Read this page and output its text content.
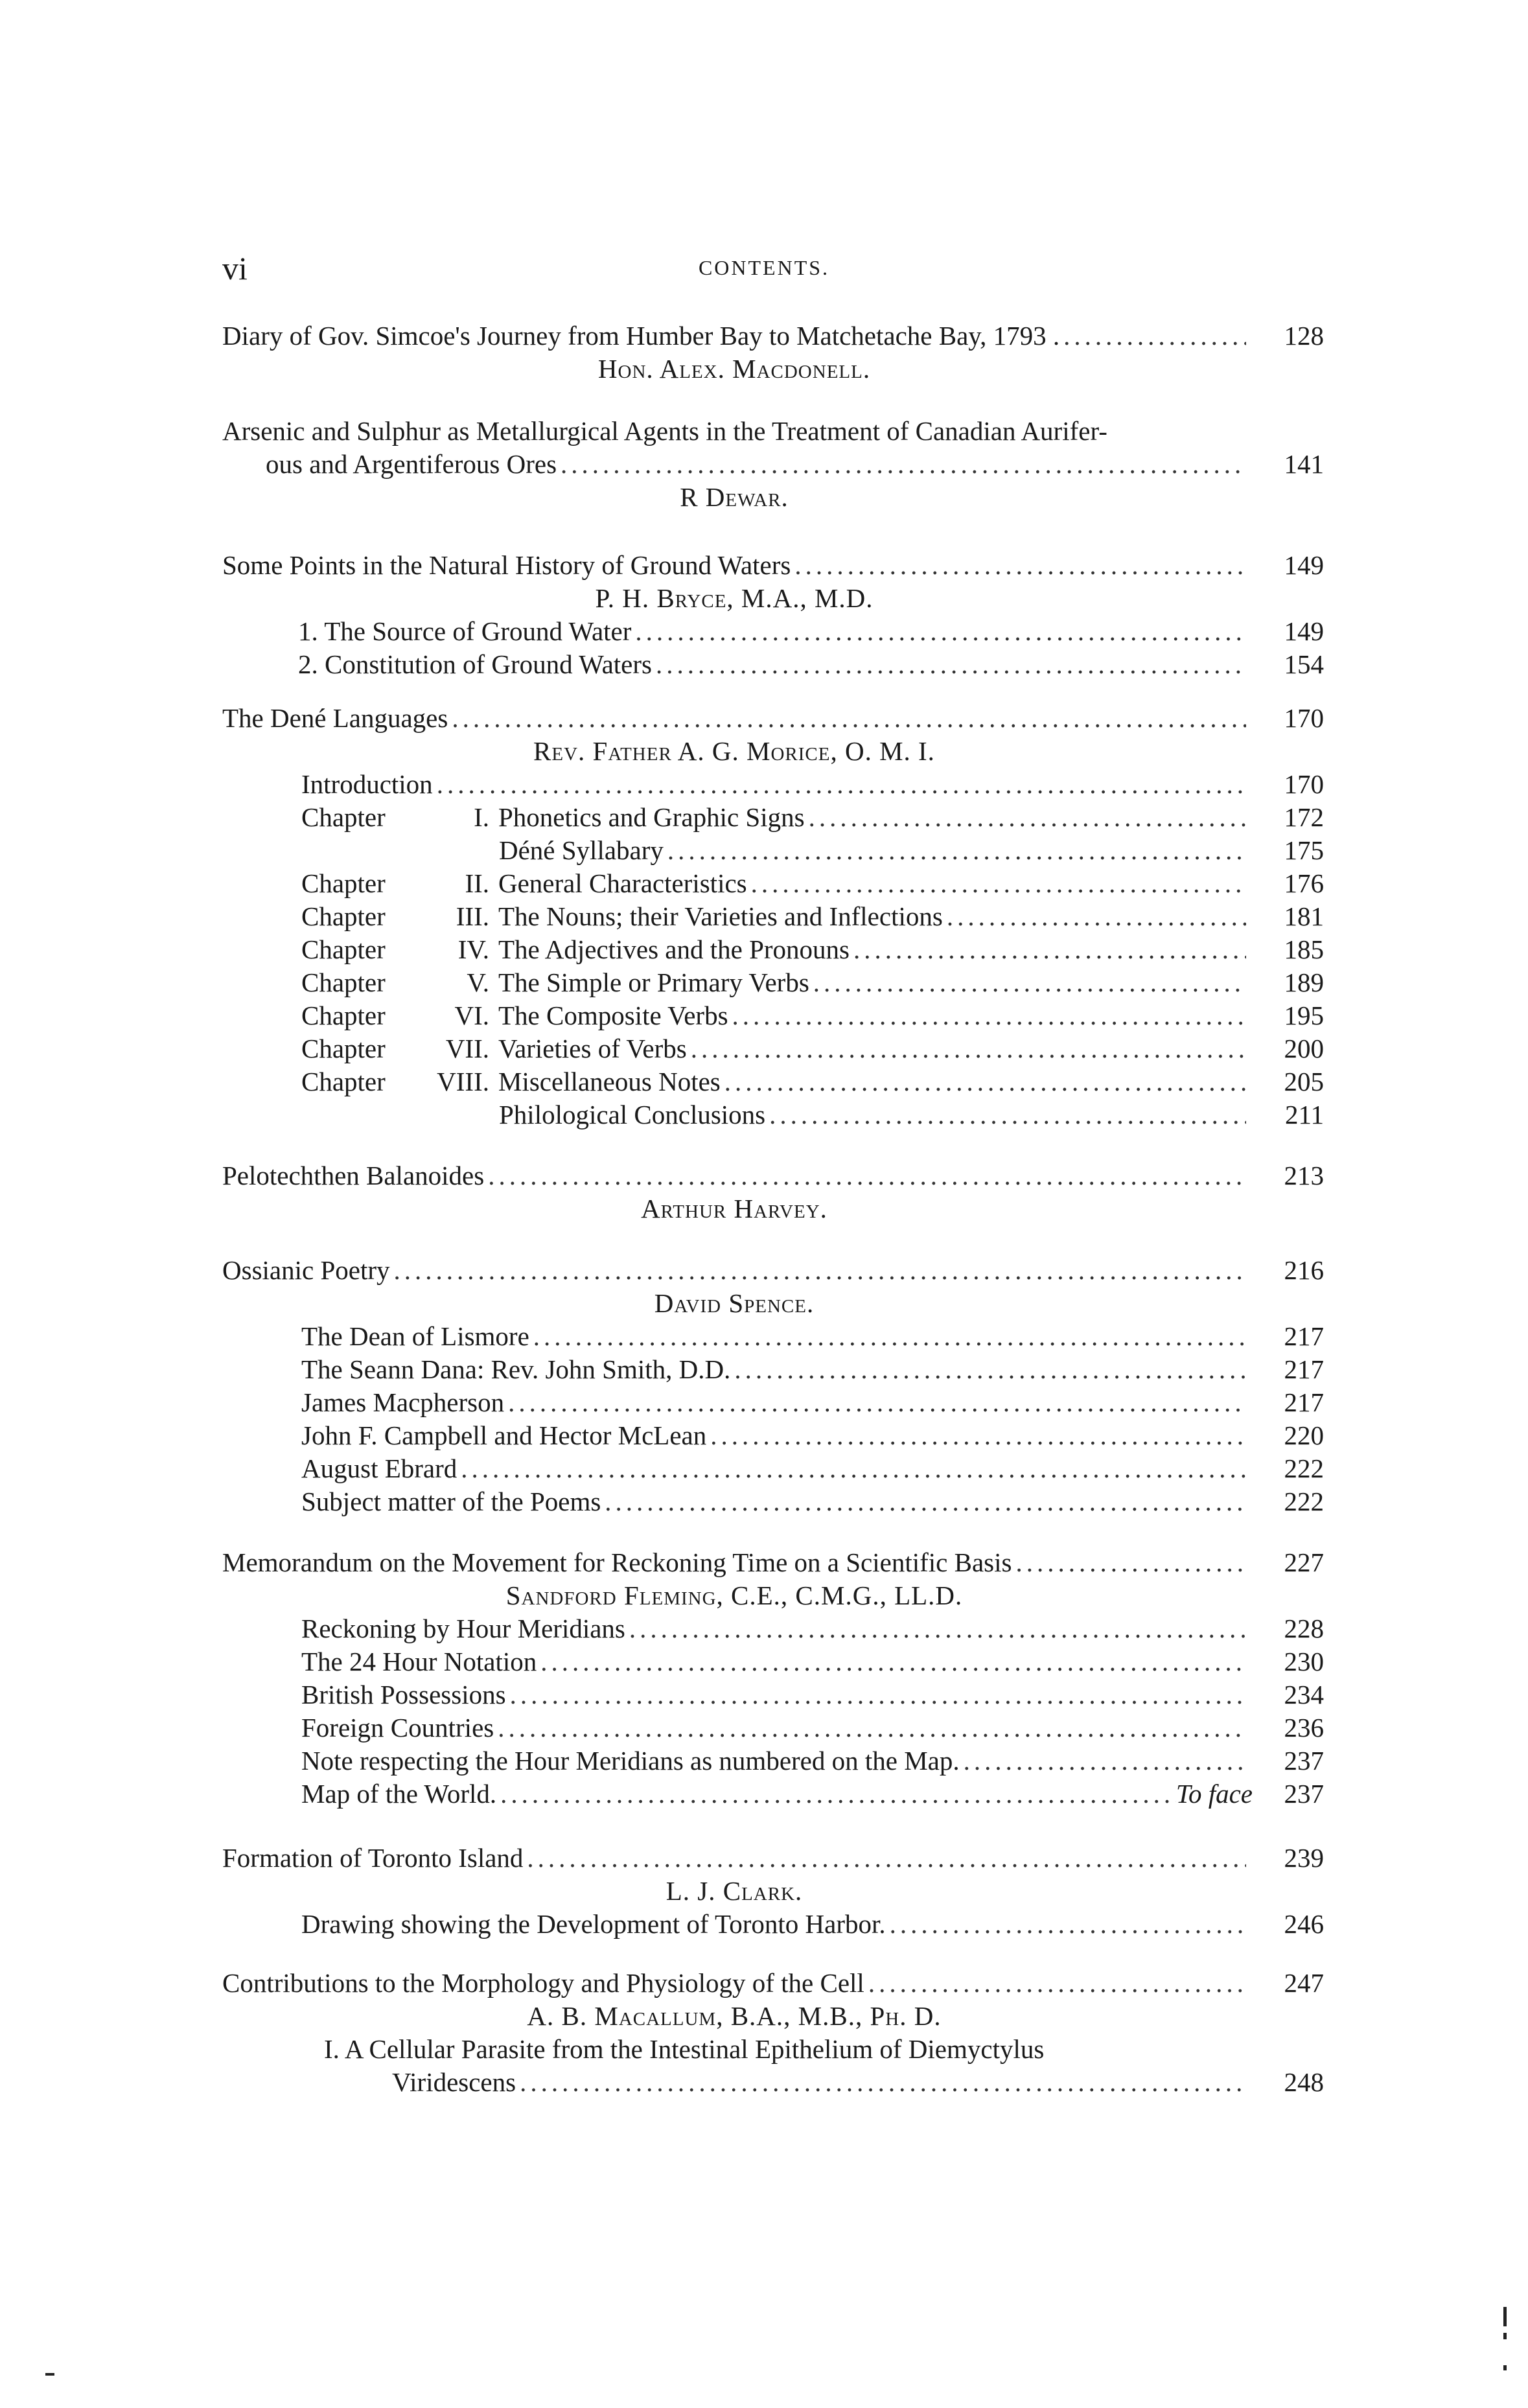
vi	CONTENTS.
Diary of Gov. Simcoe's Journey from Humber Bay to Matchetache Bay, 1793 . .....	128
Hon. Alex. Macdonell.
Arsenic and Sulphur as Metallurgical Agents in the Treatment of Canadian Aurifer-
ous and Argentiferous Ores .....	141
R Dewar.
Some Points in the Natural History of Ground Waters .....	149
P. H. Bryce, M.A., M.D.
1. The Source of Ground Water .....	149
2. Constitution of Ground Waters .....	154
The Dené Languages .....	170
Rev. Father A. G. Morice, O. M. I.
Introduction .....	170
Chapter	I. Phonetics and Graphic Signs .....	172
Déné Syllabary .....	175
Chapter	II. General Characteristics .....	176
Chapter	III. The Nouns; their Varieties and Inflections .....	181
Chapter	IV. The Adjectives and the Pronouns .....	185
Chapter	V. The Simple or Primary Verbs .....	189
Chapter	VI. The Composite Verbs .....	195
Chapter VII. Varieties of Verbs .....	200
Chapter VIII. Miscellaneous Notes .....	205
Philological Conclusions .....	211
Pelotechthen Balanoides .....	213
Arthur Harvey.
Ossianic Poetry .....	216
David Spence.
The Dean of Lismore .....	217
The Seann Dana: Rev. John Smith, D.D. .....	217
James Macpherson .....	217
John F. Campbell and Hector McLean .....	220
August Ebrard .....	222
Subject matter of the Poems .....	222
Memorandum on the Movement for Reckoning Time on a Scientific Basis .....	227
Sandford Fleming, C.E., C.M.G., LL.D.
Reckoning by Hour Meridians .....	228
The 24 Hour Notation .....	230
British Possessions .....	234
Foreign Countries .....	236
Note respecting the Hour Meridians as numbered on the Map. .....	237
Map of the World. .....	To face	237
Formation of Toronto Island .....	239
L. J. Clark.
Drawing showing the Development of Toronto Harbor. .....	246
Contributions to the Morphology and Physiology of the Cell .....	247
A. B. Macallum, B.A., M.B., Ph. D.
I. A Cellular Parasite from the Intestinal Epithelium of Diemyctylus
Viridescens .....	248
